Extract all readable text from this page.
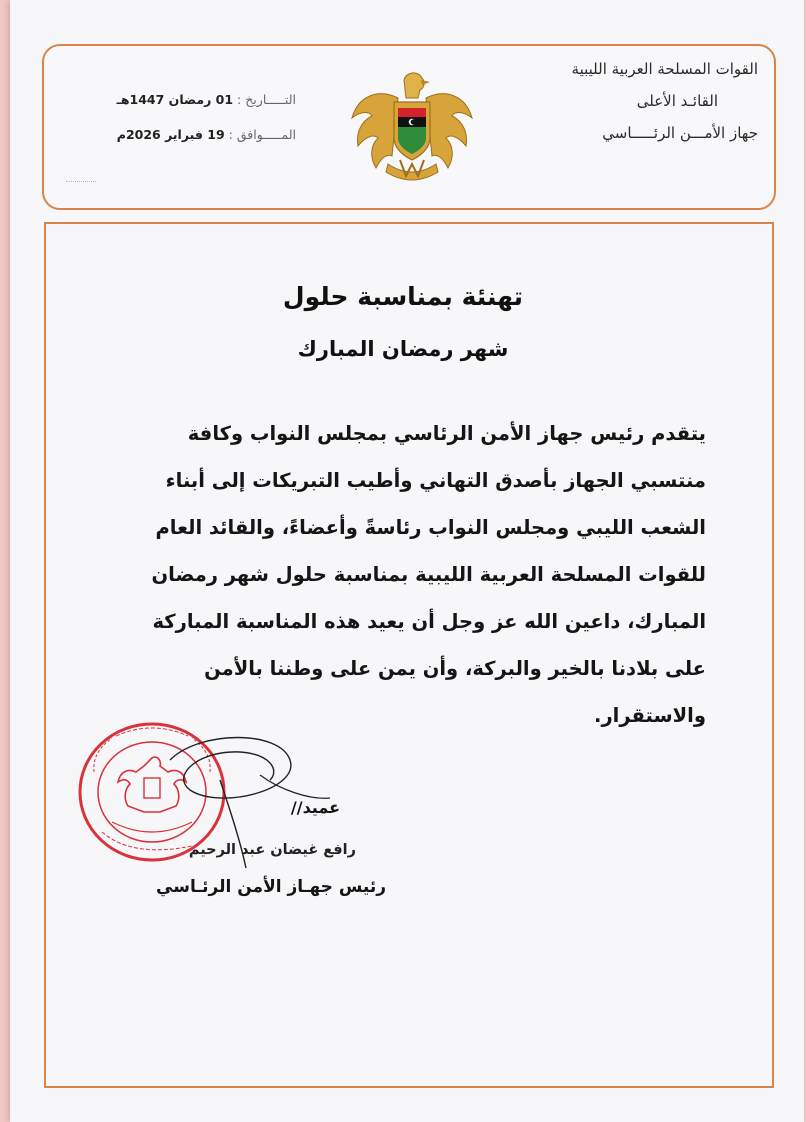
القوات المسلحة العربية الليبية
القائـد الأعلى
جهاز الأمـــن الرئـــــاسي
التـــــاريخ : 01 رمضان 1447هـ
المـــــوافق : 19 فبراير 2026م
تهنئة بمناسبة حلول
شهر رمضان المبارك

يتقدم رئيس جهاز الأمن الرئاسي بمجلس النواب وكافة
منتسبي الجهاز بأصدق التهاني وأطيب التبريكات إلى أبناء
الشعب الليبي ومجلس النواب رئاسةً وأعضاءً، والقائد العام
للقوات المسلحة العربية الليبية بمناسبة حلول شهر رمضان
المبارك، داعين الله عز وجل أن يعيد هذه المناسبة المباركة
على بلادنا بالخير والبركة، وأن يمن على وطننا بالأمن
والاستقرار.

عميد//
رافع غيضان عبد الرحيم
رئيس جهـاز الأمن الرئـاسي
